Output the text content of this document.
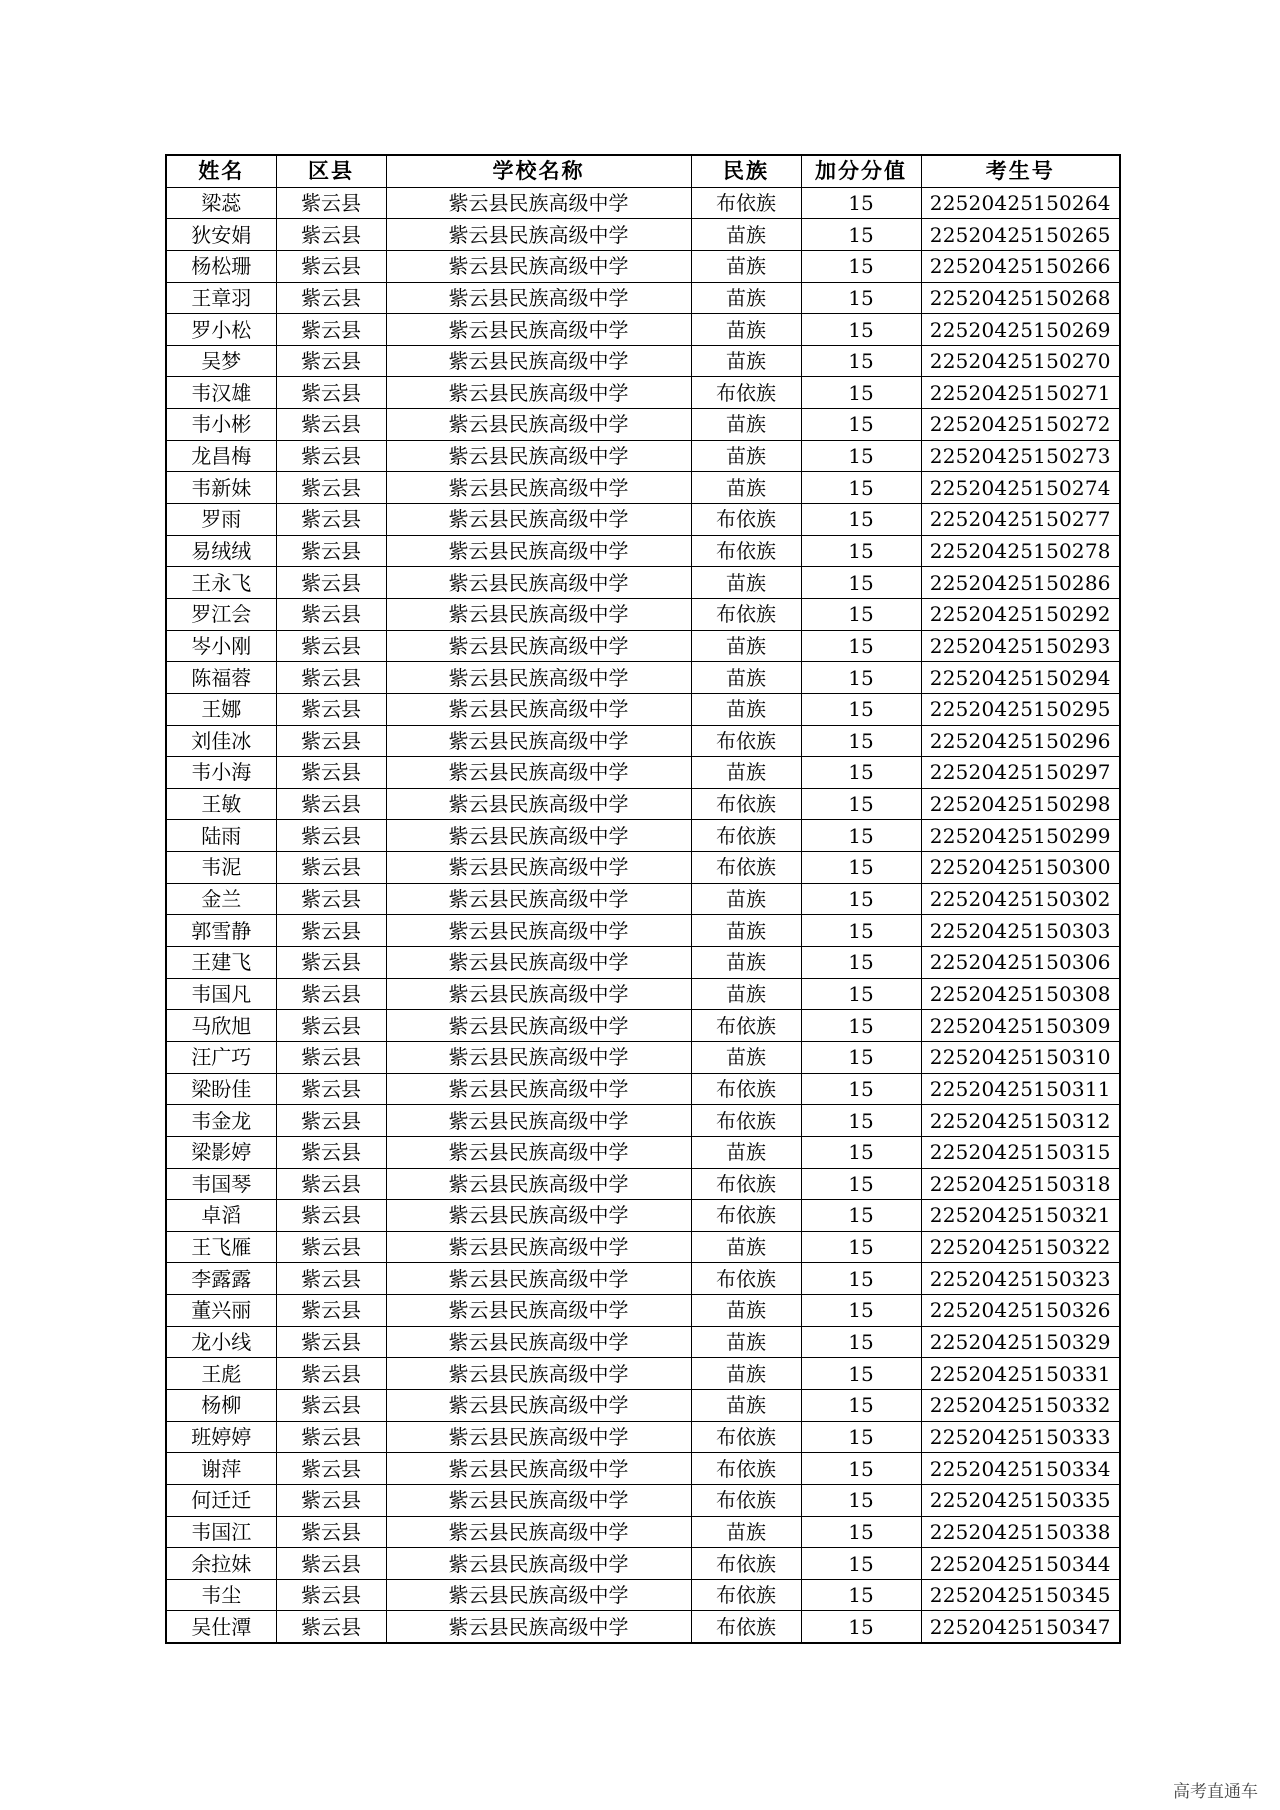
姓名	区县	学校名称	民族	加分分值	考生号
梁蕊	紫云县	紫云县民族高级中学	布依族	15	22520425150264
狄安娟	紫云县	紫云县民族高级中学	苗族	15	22520425150265
杨松珊	紫云县	紫云县民族高级中学	苗族	15	22520425150266
王章羽	紫云县	紫云县民族高级中学	苗族	15	22520425150268
罗小松	紫云县	紫云县民族高级中学	苗族	15	22520425150269
吴梦	紫云县	紫云县民族高级中学	苗族	15	22520425150270
韦汉雄	紫云县	紫云县民族高级中学	布依族	15	22520425150271
韦小彬	紫云县	紫云县民族高级中学	苗族	15	22520425150272
龙昌梅	紫云县	紫云县民族高级中学	苗族	15	22520425150273
韦新妹	紫云县	紫云县民族高级中学	苗族	15	22520425150274
罗雨	紫云县	紫云县民族高级中学	布依族	15	22520425150277
易绒绒	紫云县	紫云县民族高级中学	布依族	15	22520425150278
王永飞	紫云县	紫云县民族高级中学	苗族	15	22520425150286
罗江会	紫云县	紫云县民族高级中学	布依族	15	22520425150292
岑小刚	紫云县	紫云县民族高级中学	苗族	15	22520425150293
陈福蓉	紫云县	紫云县民族高级中学	苗族	15	22520425150294
王娜	紫云县	紫云县民族高级中学	苗族	15	22520425150295
刘佳冰	紫云县	紫云县民族高级中学	布依族	15	22520425150296
韦小海	紫云县	紫云县民族高级中学	苗族	15	22520425150297
王敏	紫云县	紫云县民族高级中学	布依族	15	22520425150298
陆雨	紫云县	紫云县民族高级中学	布依族	15	22520425150299
韦泥	紫云县	紫云县民族高级中学	布依族	15	22520425150300
金兰	紫云县	紫云县民族高级中学	苗族	15	22520425150302
郭雪静	紫云县	紫云县民族高级中学	苗族	15	22520425150303
王建飞	紫云县	紫云县民族高级中学	苗族	15	22520425150306
韦国凡	紫云县	紫云县民族高级中学	苗族	15	22520425150308
马欣旭	紫云县	紫云县民族高级中学	布依族	15	22520425150309
汪广巧	紫云县	紫云县民族高级中学	苗族	15	22520425150310
梁盼佳	紫云县	紫云县民族高级中学	布依族	15	22520425150311
韦金龙	紫云县	紫云县民族高级中学	布依族	15	22520425150312
梁影婷	紫云县	紫云县民族高级中学	苗族	15	22520425150315
韦国琴	紫云县	紫云县民族高级中学	布依族	15	22520425150318
卓滔	紫云县	紫云县民族高级中学	布依族	15	22520425150321
王飞雁	紫云县	紫云县民族高级中学	苗族	15	22520425150322
李露露	紫云县	紫云县民族高级中学	布依族	15	22520425150323
董兴丽	紫云县	紫云县民族高级中学	苗族	15	22520425150326
龙小线	紫云县	紫云县民族高级中学	苗族	15	22520425150329
王彪	紫云县	紫云县民族高级中学	苗族	15	22520425150331
杨柳	紫云县	紫云县民族高级中学	苗族	15	22520425150332
班婷婷	紫云县	紫云县民族高级中学	布依族	15	22520425150333
谢萍	紫云县	紫云县民族高级中学	布依族	15	22520425150334
何迁迁	紫云县	紫云县民族高级中学	布依族	15	22520425150335
韦国江	紫云县	紫云县民族高级中学	苗族	15	22520425150338
余拉妹	紫云县	紫云县民族高级中学	布依族	15	22520425150344
韦尘	紫云县	紫云县民族高级中学	布依族	15	22520425150345
吴仕潭	紫云县	紫云县民族高级中学	布依族	15	22520425150347
高考直通车
